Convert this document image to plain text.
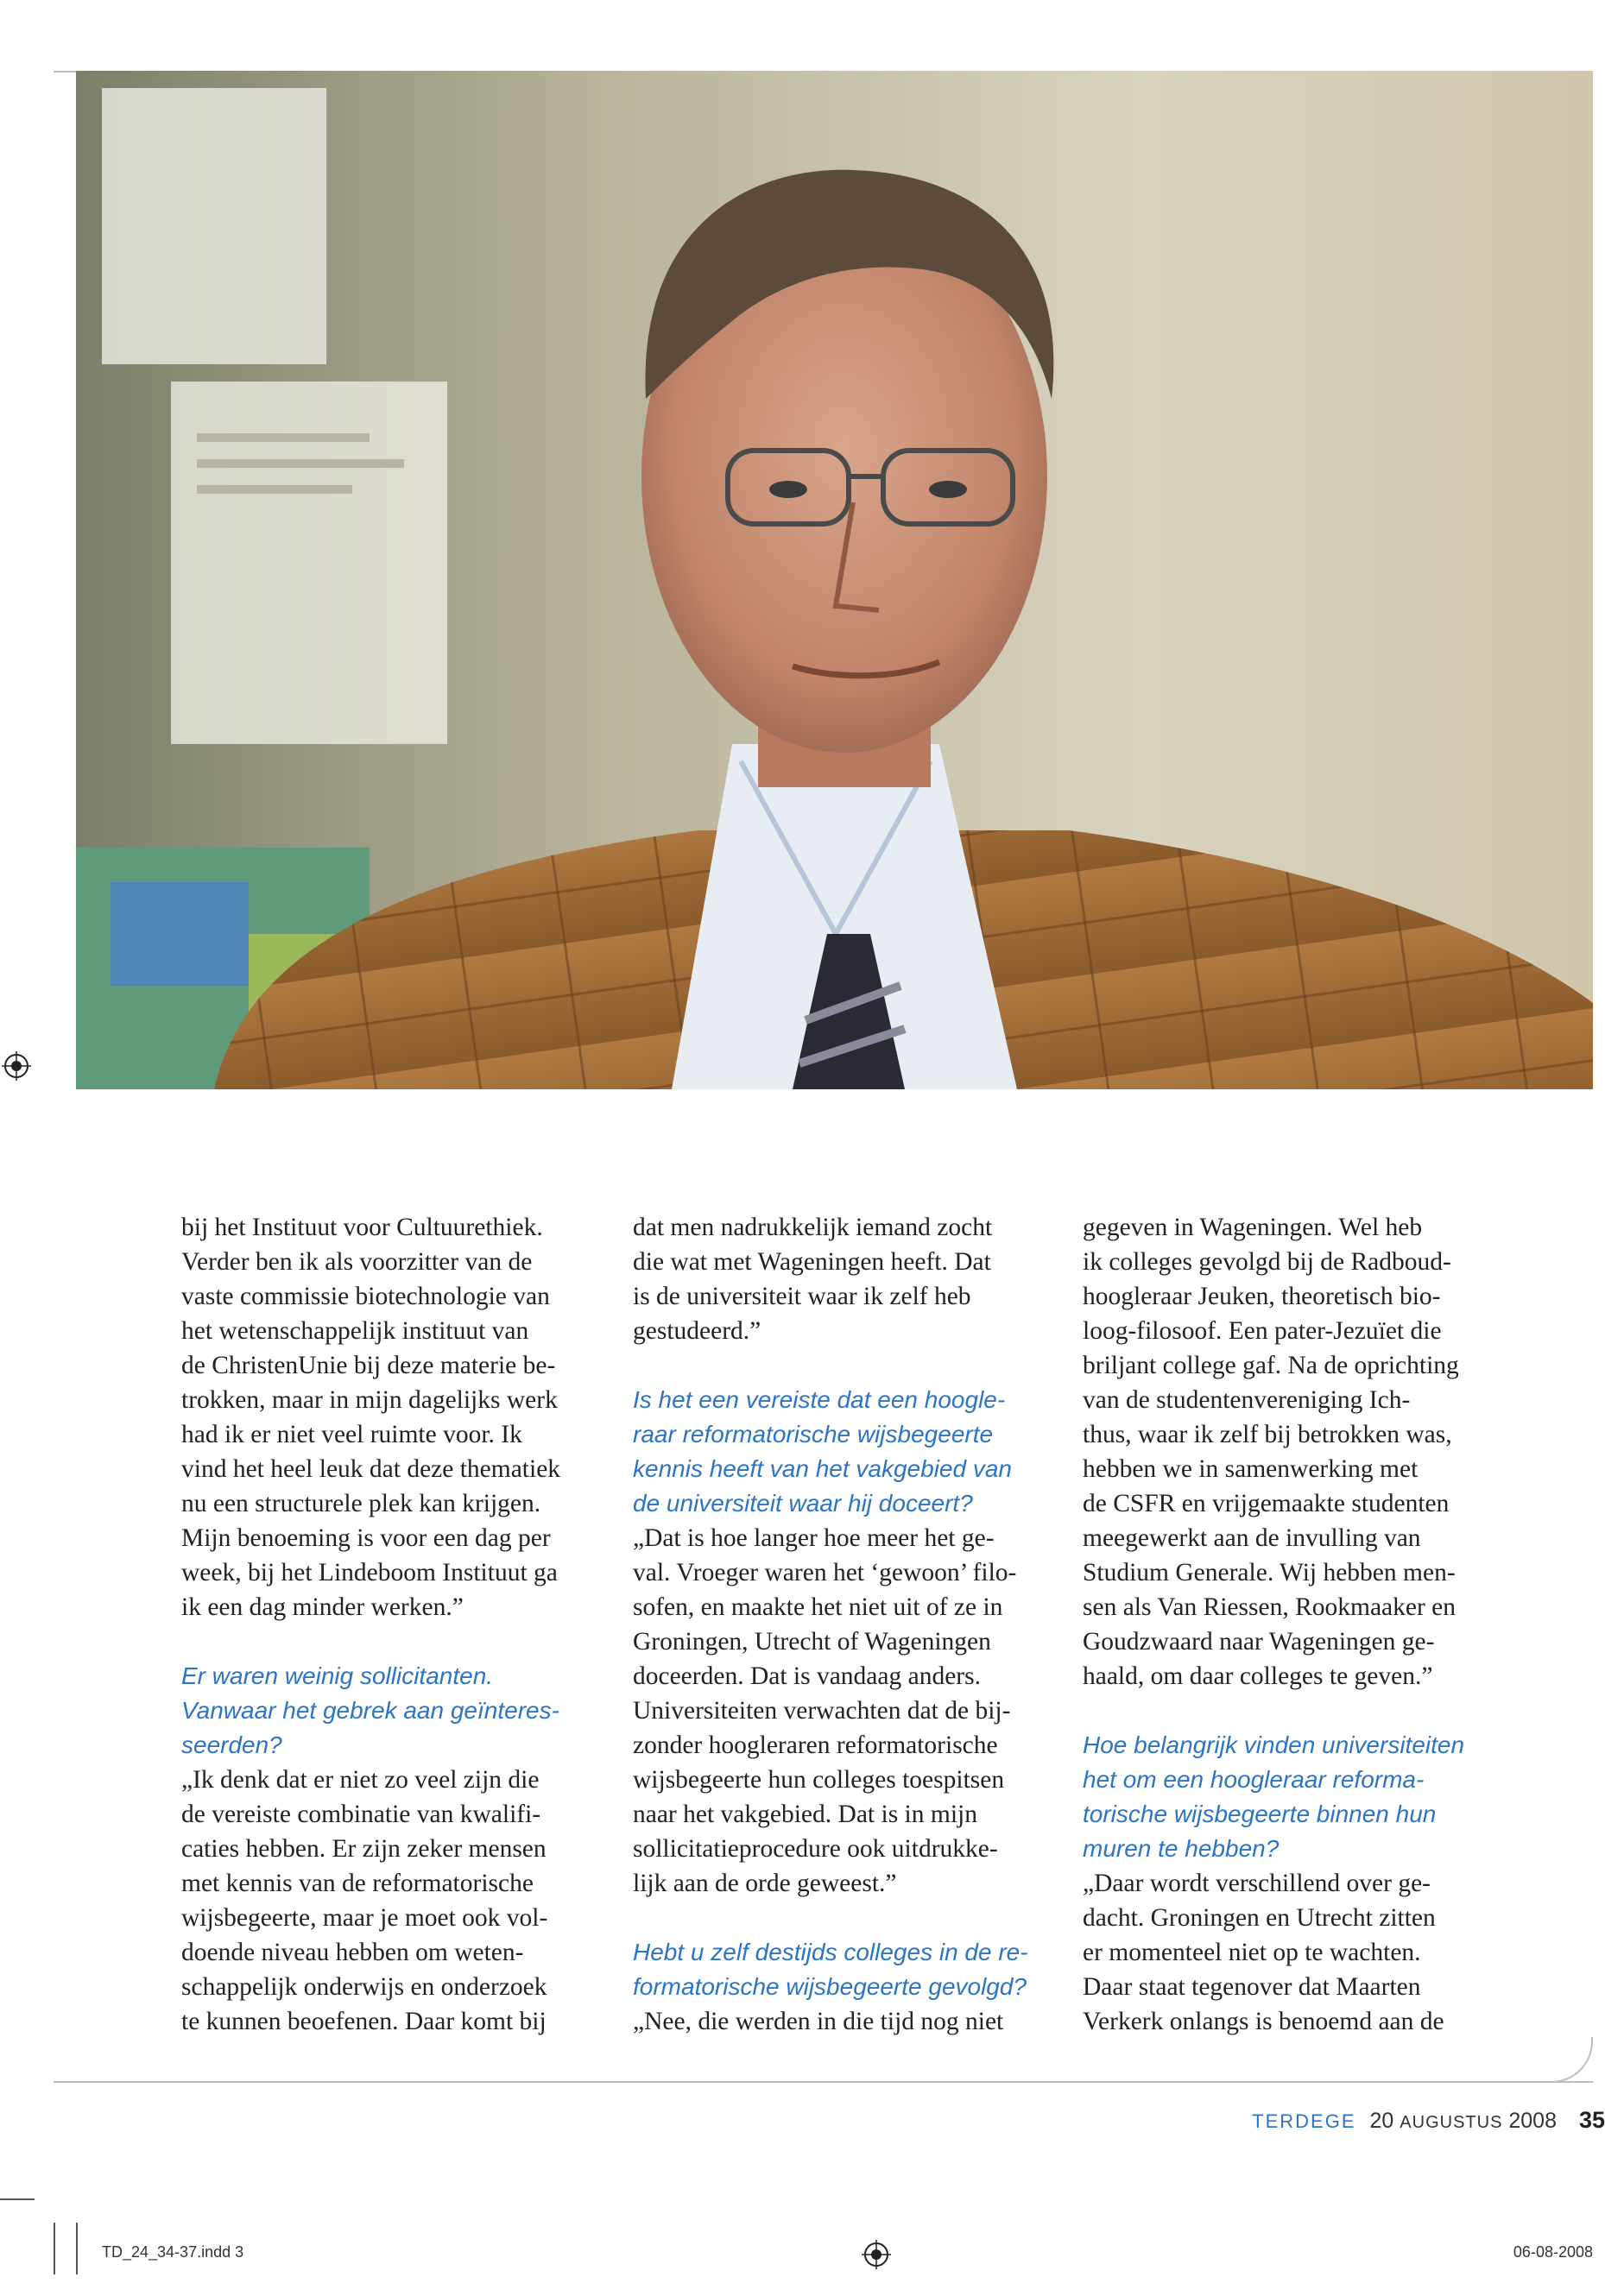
bij het Instituut voor Cultuurethiek.
Verder ben ik als voorzitter van de
vaste commissie biotechnologie van
het wetenschappelijk instituut van
de ChristenUnie bij deze materie be-
trokken, maar in mijn dagelijks werk
had ik er niet veel ruimte voor. Ik
vind het heel leuk dat deze thematiek
nu een structurele plek kan krijgen.
Mijn benoeming is voor een dag per
week, bij het Lindeboom Instituut ga
ik een dag minder werken.”

Er waren weinig sollicitanten.
Vanwaar het gebrek aan geïnteres-
seerden?

„Ik denk dat er niet zo veel zijn die
de vereiste combinatie van kwalifi-
caties hebben. Er zijn zeker mensen
met kennis van de reformatorische
wijsbegeerte, maar je moet ook vol-
doende niveau hebben om weten-
schappelijk onderwijs en onderzoek
te kunnen beoefenen. Daar komt bij

dat men nadrukkelijk iemand zocht
die wat met Wageningen heeft. Dat
is de universiteit waar ik zelf heb
gestudeerd.”

Is het een vereiste dat een hoogle-
raar reformatorische wijsbegeerte
kennis heeft van het vakgebied van
de universiteit waar hij doceert?

„Dat is hoe langer hoe meer het ge-
val. Vroeger waren het ‘gewoon’ filo-
sofen, en maakte het niet uit of ze in
Groningen, Utrecht of Wageningen
doceerden. Dat is vandaag anders.
Universiteiten verwachten dat de bij-
zonder hoogleraren reformatorische
wijsbegeerte hun colleges toespitsen
naar het vakgebied. Dat is in mijn
sollicitatieprocedure ook uitdrukke-
lijk aan de orde geweest.”

Hebt u zelf destijds colleges in de re-
formatorische wijsbegeerte gevolgd?

„Nee, die werden in die tijd nog niet

gegeven in Wageningen. Wel heb
ik colleges gevolgd bij de Radboud-
hoogleraar Jeuken, theoretisch bio-
loog-filosoof. Een pater-Jezuïet die
briljant college gaf. Na de oprichting
van de studentenvereniging Ich-
thus, waar ik zelf bij betrokken was,
hebben we in samenwerking met
de CSFR en vrijgemaakte studenten
meegewerkt aan de invulling van
Studium Generale. Wij hebben men-
sen als Van Riessen, Rookmaaker en
Goudzwaard naar Wageningen ge-
haald, om daar colleges te geven.”

Hoe belangrijk vinden universiteiten
het om een hoogleraar reforma-
torische wijsbegeerte binnen hun
muren te hebben?

„Daar wordt verschillend over ge-
dacht. Groningen en Utrecht zitten
er momenteel niet op te wachten.
Daar staat tegenover dat Maarten
Verkerk onlangs is benoemd aan de

TERDEGE 20 AUGUSTUS 2008 35
TD_24_34-37.indd 3	06-08-2008
